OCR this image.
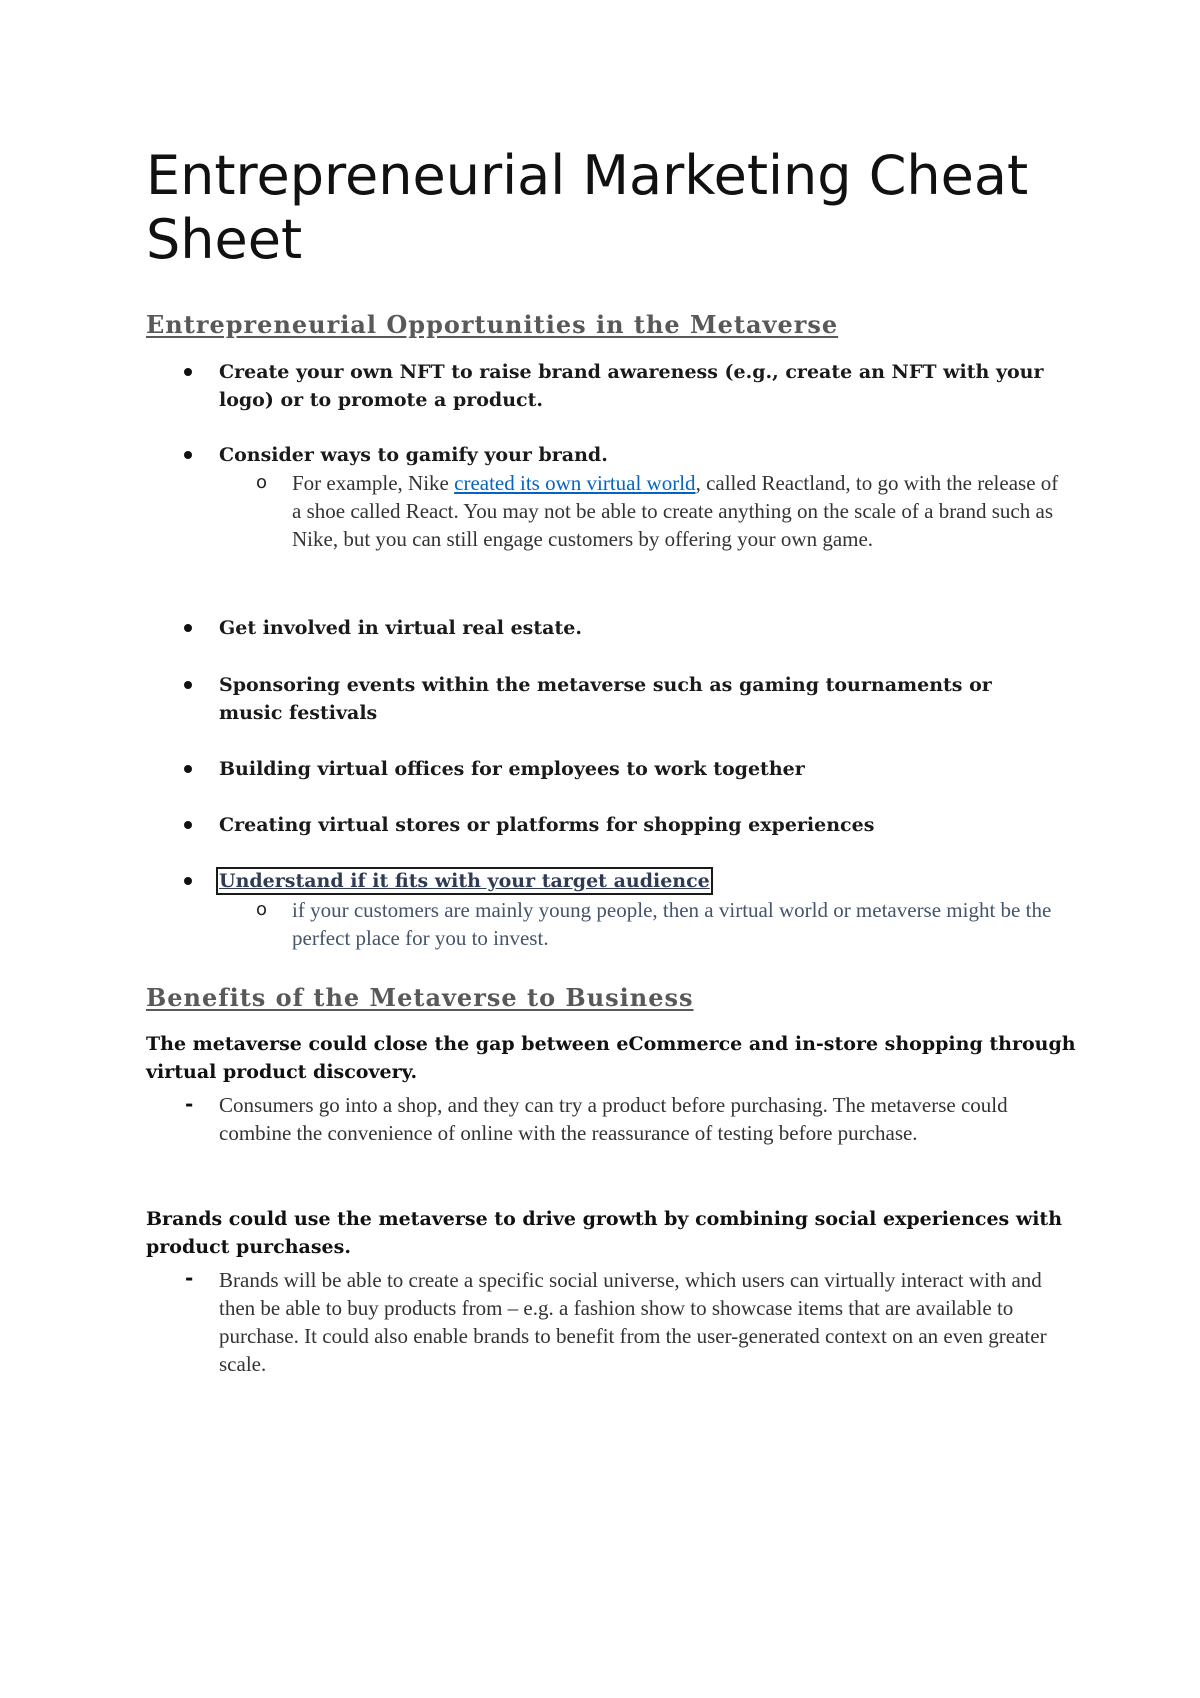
Entrepreneurial Marketing Cheat Sheet
Entrepreneurial Opportunities in the Metaverse

Create your own NFT to raise brand awareness (e.g., create an NFT with your logo) or to promote a product.

Consider ways to gamify your brand.

o For example, Nike created its own virtual world, called Reactland, to go with the release of a shoe called React. You may not be able to create anything on the scale of a brand such as Nike, but you can still engage customers by offering your own game.

Get involved in virtual real estate.

Sponsoring events within the metaverse such as gaming tournaments or music festivals

Building virtual offices for employees to work together

Creating virtual stores or platforms for shopping experiences

Understand if it fits with your target audience

o if your customers are mainly young people, then a virtual world or metaverse might be the perfect place for you to invest.

Benefits of the Metaverse to Business

The metaverse could close the gap between eCommerce and in-store shopping through virtual product discovery.

- Consumers go into a shop, and they can try a product before purchasing. The metaverse could combine the convenience of online with the reassurance of testing before purchase.

Brands could use the metaverse to drive growth by combining social experiences with product purchases.

- Brands will be able to create a specific social universe, which users can virtually interact with and then be able to buy products from – e.g. a fashion show to showcase items that are available to purchase. It could also enable brands to benefit from the user-generated context on an even greater scale.
